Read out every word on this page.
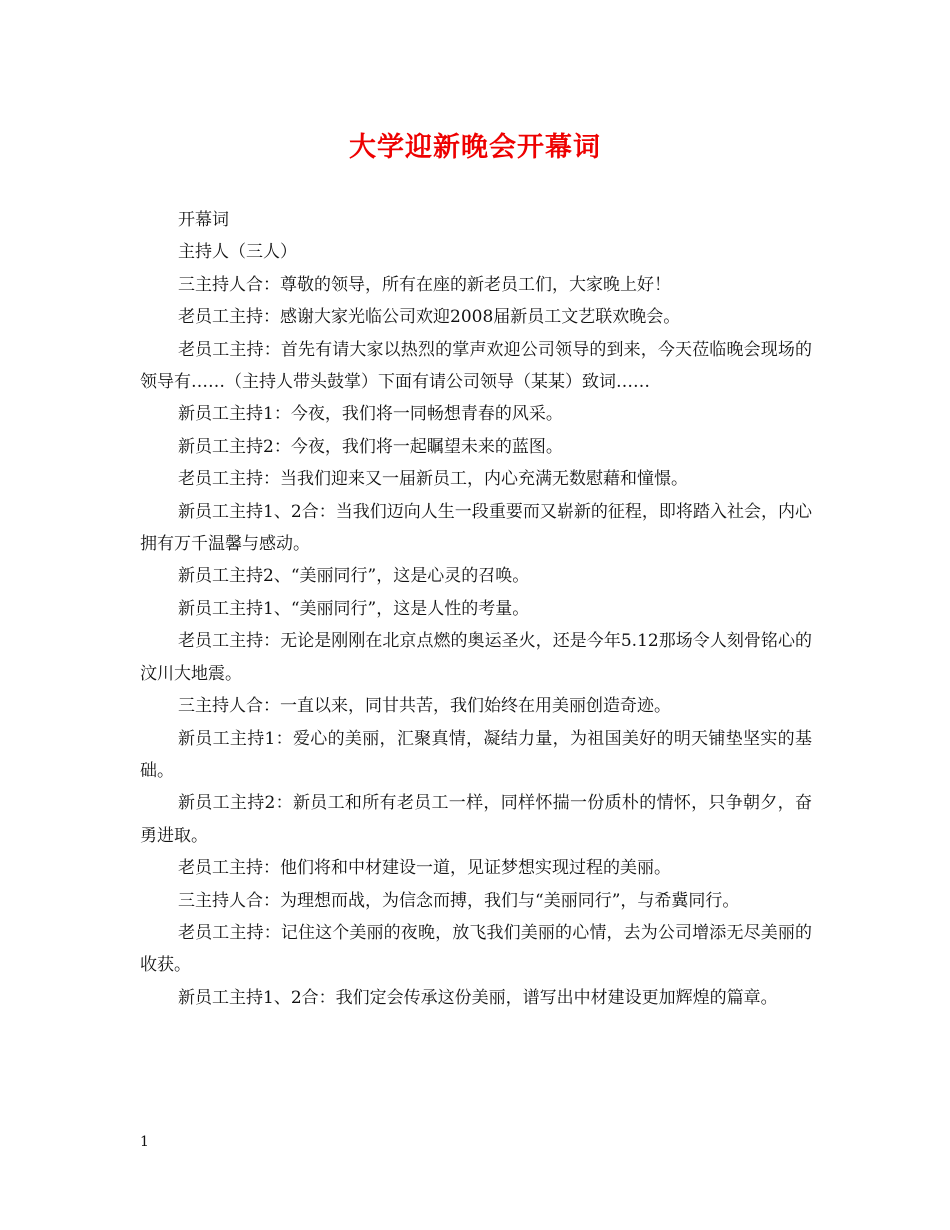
大学迎新晚会开幕词

开幕词

主持人（三人）

三主持人合：尊敬的领导，所有在座的新老员工们，大家晚上好！

老员工主持：感谢大家光临公司欢迎2008届新员工文艺联欢晚会。

老员工主持：首先有请大家以热烈的掌声欢迎公司领导的到来，今天莅临晚会现场的领导有……（主持人带头鼓掌）下面有请公司领导（某某）致词……

新员工主持1：今夜，我们将一同畅想青春的风采。

新员工主持2：今夜，我们将一起瞩望未来的蓝图。

老员工主持：当我们迎来又一届新员工，内心充满无数慰藉和憧憬。

新员工主持1、2合：当我们迈向人生一段重要而又崭新的征程，即将踏入社会，内心拥有万千温馨与感动。

新员工主持2、“美丽同行”，这是心灵的召唤。

新员工主持1、“美丽同行”，这是人性的考量。

老员工主持：无论是刚刚在北京点燃的奥运圣火，还是今年5.12那场令人刻骨铭心的汶川大地震。

三主持人合：一直以来，同甘共苦，我们始终在用美丽创造奇迹。

新员工主持1：爱心的美丽，汇聚真情，凝结力量，为祖国美好的明天铺垫坚实的基础。

新员工主持2：新员工和所有老员工一样，同样怀揣一份质朴的情怀，只争朝夕，奋勇进取。

老员工主持：他们将和中材建设一道，见证梦想实现过程的美丽。

三主持人合：为理想而战，为信念而搏，我们与“美丽同行”，与希冀同行。

老员工主持：记住这个美丽的夜晚，放飞我们美丽的心情，去为公司增添无尽美丽的收获。

新员工主持1、2合：我们定会传承这份美丽，谱写出中材建设更加辉煌的篇章。

1
